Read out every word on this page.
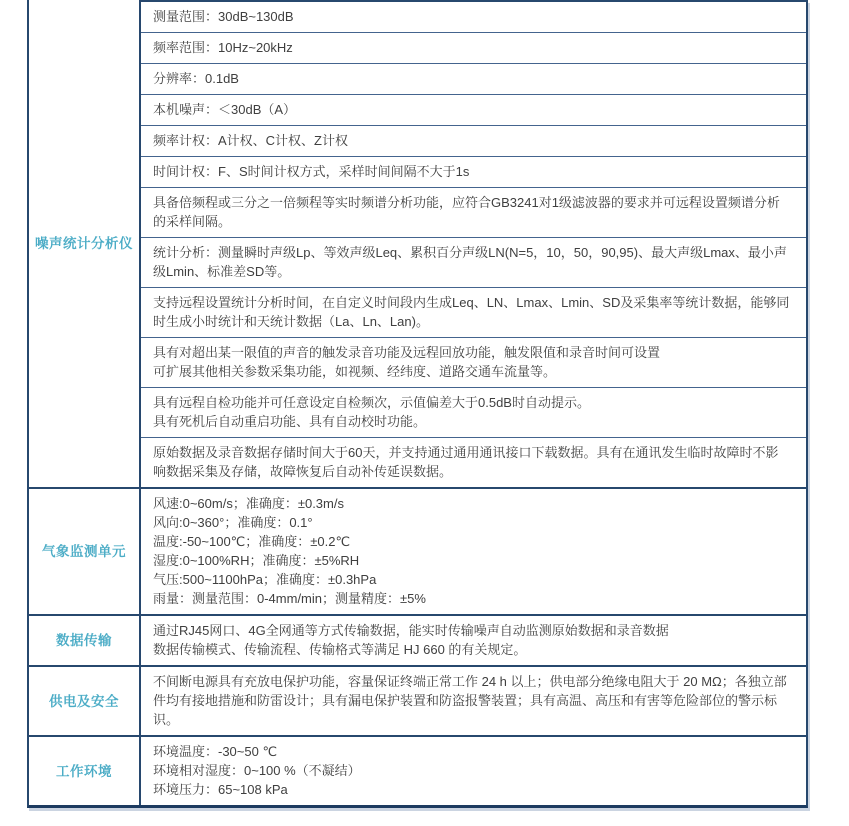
噪声统计分析仪
测量范围：30dB~130dB
频率范围：10Hz~20kHz
分辨率：0.1dB
本机噪声：＜30dB（A）
频率计权：A计权、C计权、Z计权
时间计权：F、S时间计权方式，采样时间间隔不大于1s
具备倍频程或三分之一倍频程等实时频谱分析功能，应符合GB3241对1级滤波器的要求并可远程设置频谱分析的采样间隔。
统计分析：测量瞬时声级Lp、等效声级Leq、累积百分声级LN(N=5，10，50，90,95)、最大声级Lmax、最小声级Lmin、标准差SD等。
支持远程设置统计分析时间，在自定义时间段内生成Leq、LN、Lmax、Lmin、SD及采集率等统计数据，能够同时生成小时统计和天统计数据（La、Ln、Lan)。
具有对超出某一限值的声音的触发录音功能及远程回放功能，触发限值和录音时间可设置
可扩展其他相关参数采集功能，如视频、经纬度、道路交通车流量等。
具有远程自检功能并可任意设定自检频次，示值偏差大于0.5dB时自动提示。
具有死机后自动重启功能、具有自动校时功能。
原始数据及录音数据存储时间大于60天，并支持通过通用通讯接口下载数据。具有在通讯发生临时故障时不影响数据采集及存储，故障恢复后自动补传延误数据。
气象监测单元
风速:0~60m/s；准确度：±0.3m/s
风向:0~360°；准确度：0.1°
温度:-50~100℃；准确度：±0.2℃
湿度:0~100%RH；准确度：±5%RH
气压:500~1100hPa；准确度：±0.3hPa
雨量：测量范围：0-4mm/min；测量精度：±5%
数据传输
通过RJ45网口、4G全网通等方式传输数据，能实时传输噪声自动监测原始数据和录音数据
数据传输模式、传输流程、传输格式等满足 HJ 660 的有关规定。
供电及安全
不间断电源具有充放电保护功能，容量保证终端正常工作 24 h 以上；供电部分绝缘电阻大于 20 MΩ；各独立部件均有接地措施和防雷设计；具有漏电保护装置和防盗报警装置；具有高温、高压和有害等危险部位的警示标识。
工作环境
环境温度：-30~50 ℃
环境相对湿度：0~100 %（不凝结）
环境压力：65~108 kPa
